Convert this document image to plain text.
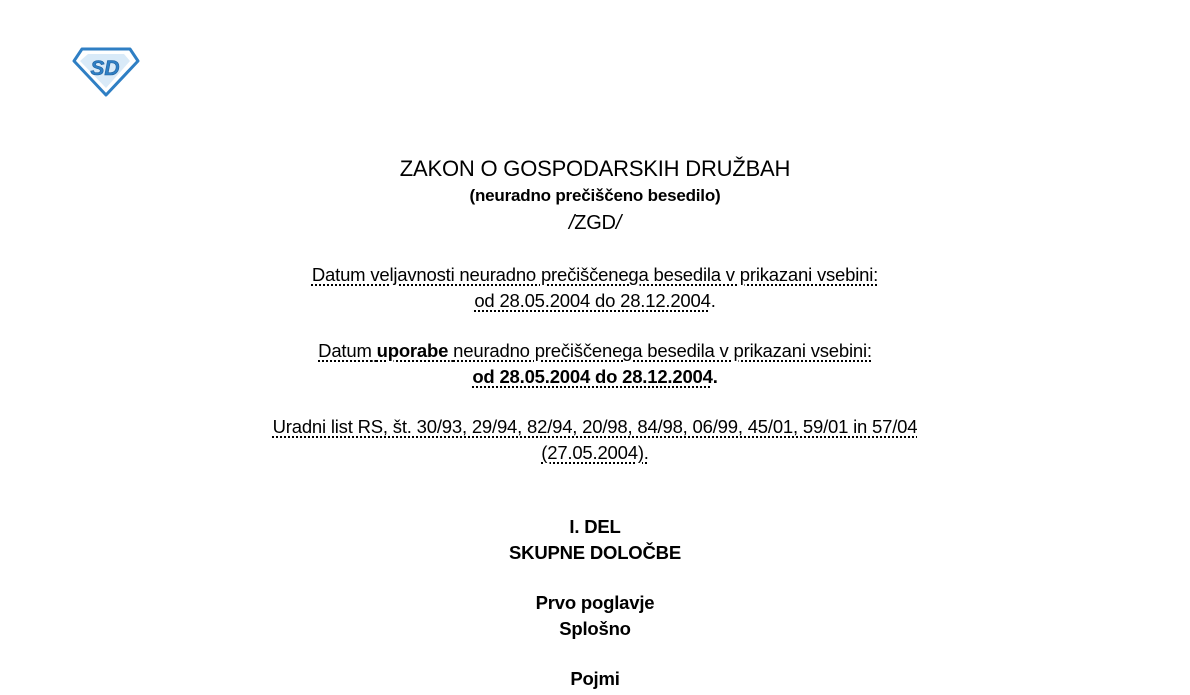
SD
ZAKON O GOSPODARSKIH DRUŽBAH
(neuradno prečiščeno besedilo)
/ZGD/
Datum veljavnosti neuradno prečiščenega besedila v prikazani vsebini:
od 28.05.2004 do 28.12.2004.
Datum uporabe neuradno prečiščenega besedila v prikazani vsebini:
od 28.05.2004 do 28.12.2004.
Uradni list RS, št. 30/93, 29/94, 82/94, 20/98, 84/98, 06/99, 45/01, 59/01 in 57/04
(27.05.2004).
I. DEL
SKUPNE DOLOČBE
Prvo poglavje
Splošno
Pojmi
